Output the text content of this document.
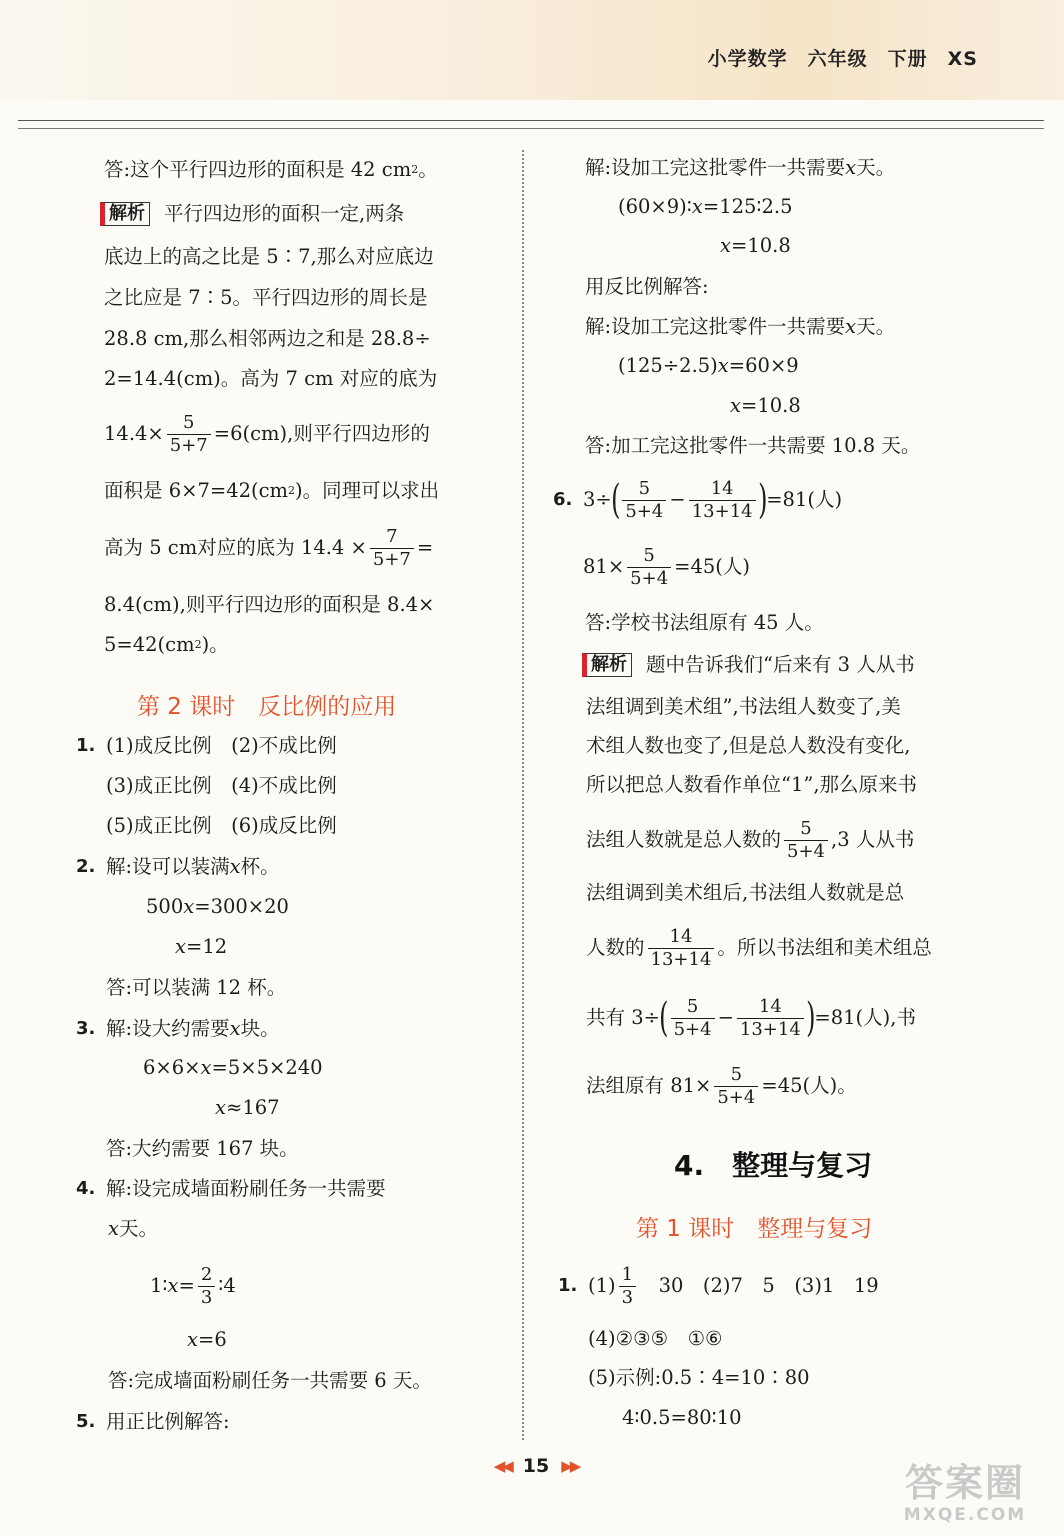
小学数学　六年级　下册　XS
答:这个平行四边形的面积是 42 cm 2 。
解析 平行四边形的面积一定,两条
底边上的高之比是 5∶7,那么对应底边
之比应是 7∶5。平行四边形的周长是
28.8 cm,那么相邻两边之和是 28.8÷
2=14.4(cm)。高为 7 cm 对应的底为
$14.4\times \frac{5}{5+7} =6(cm)$,则平行四边形的
面积是 6×7=42(cm 2 )。同理可以求出
高为 5 cm对应的底为 $14.4 \times \frac{7}{5+7}$ =
8.4(cm),则平行四边形的面积是 8.4×
5=42(cm 2 )。
第 2 课时　反比例的应用
1. (1)成反比例　(2)不成比例
(3)成正比例　(4)不成比例
(5)成正比例　(6)成反比例
2. 解:设可以装满 x 杯。
500 x =300×20
x =12
答:可以装满 12 杯。
3. 解:设大约需要 x 块。
6×6× x =5×5×240
x ≈167
答:大约需要 167 块。
4. 解:设完成墙面粉刷任务一共需要
x 天。
1∶ $x = \frac{2}{3}$ ∶4
x =6
答:完成墙面粉刷任务一共需要 6 天。
5. 用正比例解答:
解:设加工完这批零件一共需要 x 天。
(60×9)∶ x =125∶2.5
x =10.8
用反比例解答:
解:设加工完这批零件一共需要 x 天。
(125÷2.5) x =60×9
x =10.8
答:加工完这批零件一共需要 10.8 天。
6. 3÷ ( $\frac{5}{5+4} - \frac{14}{13+14}$ ) =81(人)
$81\times \frac{5}{5+4} =45$(人)
答:学校书法组原有 45 人。
解析 题中告诉我们“后来有 3 人从书
法组调到美术组”,书法组人数变了,美
术组人数也变了,但是总人数没有变化,
所以把总人数看作单位“1”,那么原来书
法组人数就是总人数的 $\frac{5}{5+4} ,3$ 人从书
法组调到美术组后,书法组人数就是总
人数的 $\frac{14}{13+14}$ 。所以书法组和美术组总
共有 3÷ ( $\frac{5}{5+4} - \frac{14}{13+14}$ ) =81(人),书
法组原有 $81\times \frac{5}{5+4} =45$(人)。
4.　整理与复习
第 1 课时　整理与复习
1. $(1) \frac{1}{3}$ 　30　(2)7　5　(3)1　19
(4)②③⑤　①⑥
(5)示例:0.5∶4=10∶80
4∶0.5=80∶10
◀◀ 15 ▶▶	答案圈
MXQE.COM
